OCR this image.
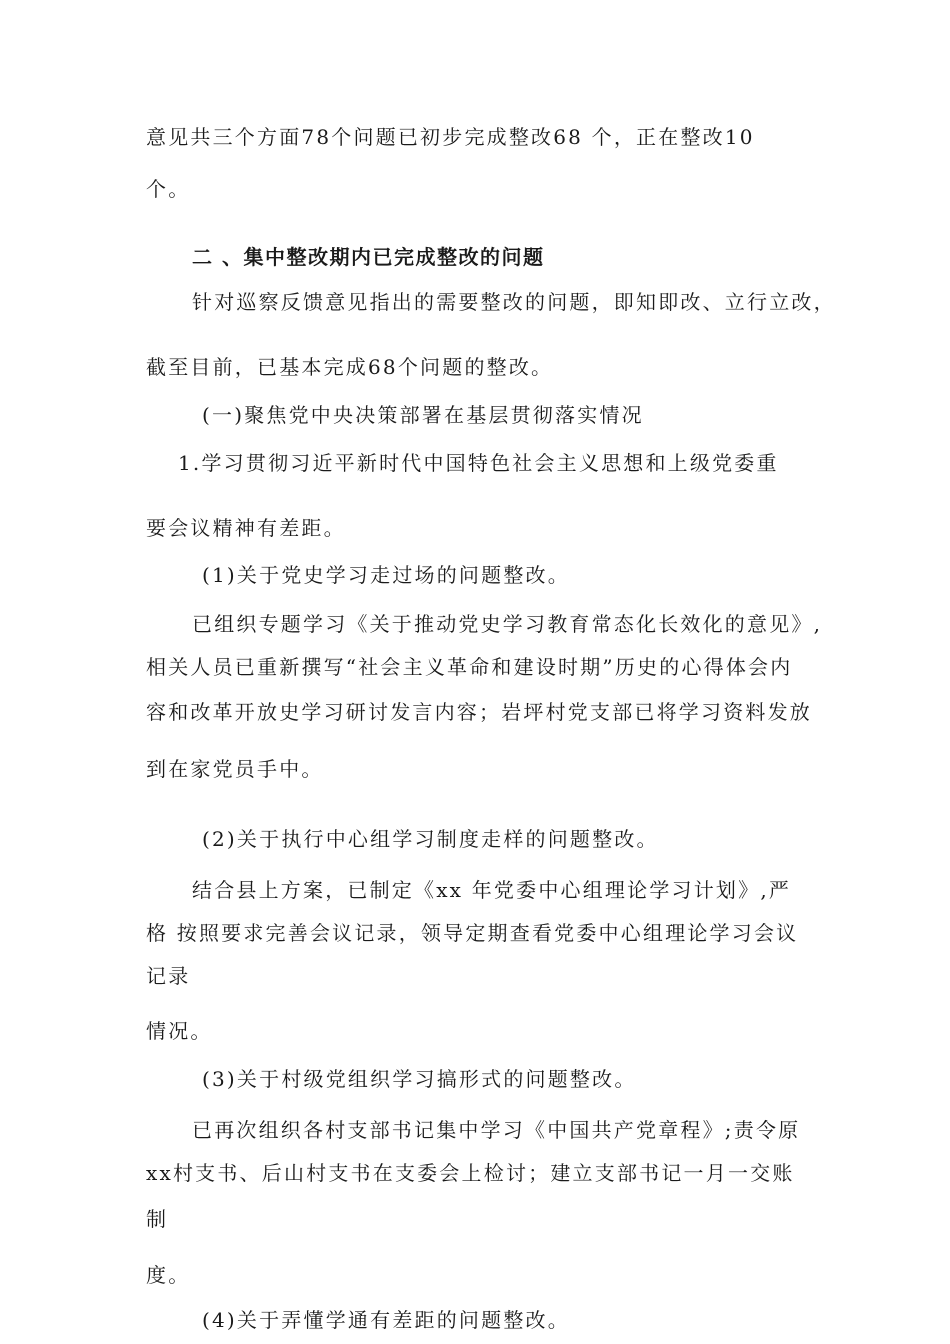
意见共三个方面78个问题已初步完成整改68 个，正在整改10
个。
二 、集中整改期内已完成整改的问题
针对巡察反馈意见指出的需要整改的问题，即知即改、立行立改，
截至目前，已基本完成68个问题的整改。
(一)聚焦党中央决策部署在基层贯彻落实情况
1.学习贯彻习近平新时代中国特色社会主义思想和上级党委重
要会议精神有差距。
(1)关于党史学习走过场的问题整改。
已组织专题学习《关于推动党史学习教育常态化长效化的意见》,
相关人员已重新撰写“社会主义革命和建设时期”历史的心得体会内
容和改革开放史学习研讨发言内容；岩坪村党支部已将学习资料发放
到在家党员手中。
(2)关于执行中心组学习制度走样的问题整改。
结合县上方案，已制定《xx 年党委中心组理论学习计划》,严
格 按照要求完善会议记录，领导定期查看党委中心组理论学习会议
记录
情况。
(3)关于村级党组织学习搞形式的问题整改。
已再次组织各村支部书记集中学习《中国共产党章程》;责令原
xx村支书、后山村支书在支委会上检讨；建立支部书记一月一交账
制
度。
(4)关于弄懂学通有差距的问题整改。
